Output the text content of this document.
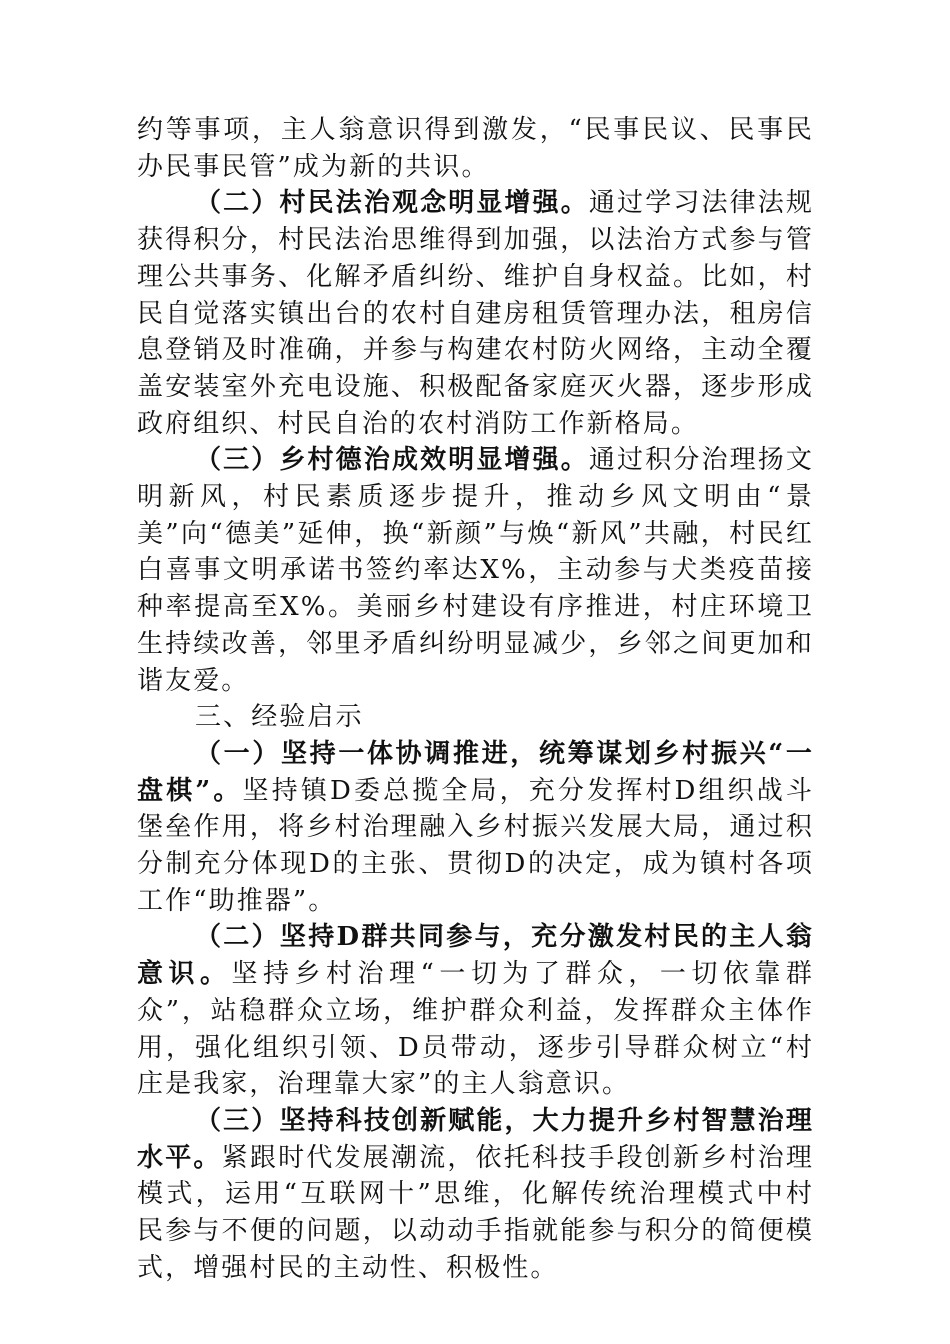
约等事项，主人翁意识得到激发，“民事民议、民事民办民事民管”成为新的共识。

（二）村民法治观念明显增强。通过学习法律法规获得积分，村民法治思维得到加强，以法治方式参与管理公共事务、化解矛盾纠纷、维护自身权益。比如，村民自觉落实镇出台的农村自建房租赁管理办法，租房信息登销及时准确，并参与构建农村防火网络，主动全覆盖安装室外充电设施、积极配备家庭灭火器，逐步形成政府组织、村民自治的农村消防工作新格局。

（三）乡村德治成效明显增强。通过积分治理扬文明新风，村民素质逐步提升，推动乡风文明由“景美”向“德美”延伸，换“新颜”与焕“新风”共融，村民红白喜事文明承诺书签约率达X%，主动参与犬类疫苗接种率提高至X%。美丽乡村建设有序推进，村庄环境卫生持续改善，邻里矛盾纠纷明显减少，乡邻之间更加和谐友爱。

三、经验启示

（一）坚持一体协调推进，统筹谋划乡村振兴“一盘棋”。坚持镇D委总揽全局，充分发挥村D组织战斗堡垒作用，将乡村治理融入乡村振兴发展大局，通过积分制充分体现D的主张、贯彻D的决定，成为镇村各项工作“助推器”。

（二）坚持D群共同参与，充分激发村民的主人翁意识。坚持乡村治理“一切为了群众，一切依靠群众”，站稳群众立场，维护群众利益，发挥群众主体作用，强化组织引领、D员带动，逐步引导群众树立“村庄是我家，治理靠大家”的主人翁意识。

（三）坚持科技创新赋能，大力提升乡村智慧治理水平。紧跟时代发展潮流，依托科技手段创新乡村治理模式，运用“互联网十”思维，化解传统治理模式中村民参与不便的问题，以动动手指就能参与积分的简便模式，增强村民的主动性、积极性。
